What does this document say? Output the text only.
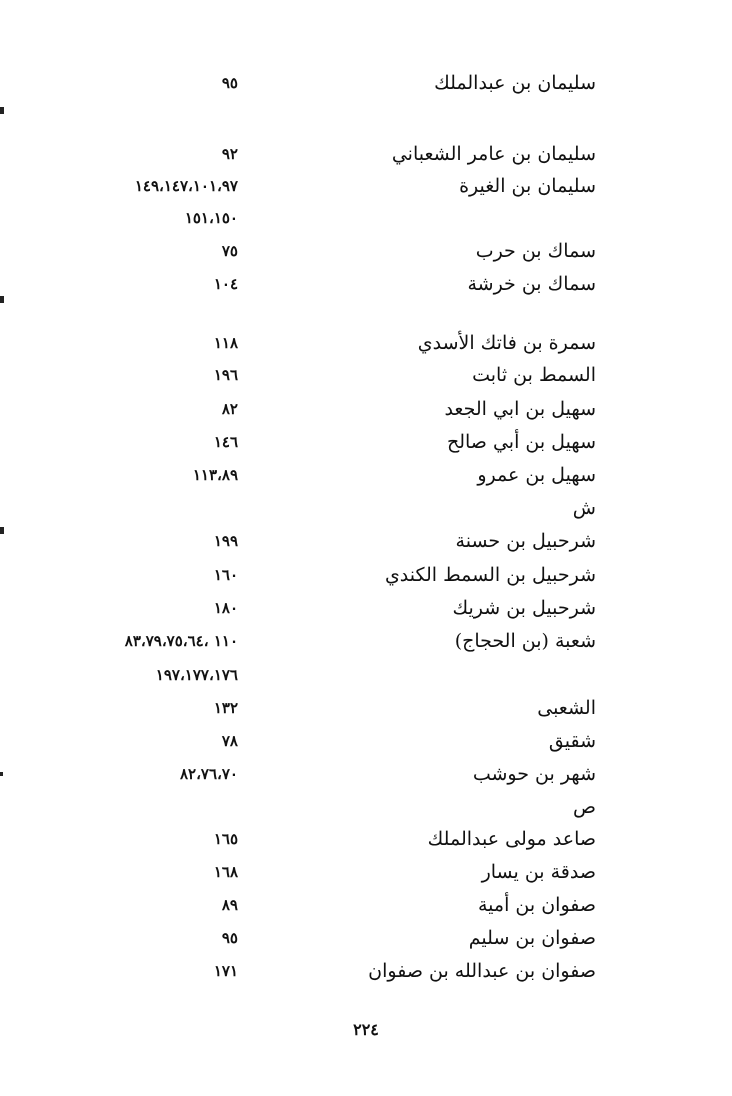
سليمان بن عبدالملك
٩٥
سليمان بن عامر الشعباني
٩٢
سليمان بن الغيرة
١٤٩،١٤٧،١٠١،٩٧
١٥١،١٥٠
سماك بن حرب
٧٥
سماك بن خرشة
١٠٤
سمرة بن فاتك الأسدي
١١٨
السمط بن ثابت
١٩٦
سهيل بن ابي الجعد
٨٢
سهيل بن أبي صالح
١٤٦
سهيل بن عمرو
١١٣،٨٩
ش
شرحبيل بن حسنة
١٩٩
شرحبيل بن السمط الكندي
١٦٠
شرحبيل بن شريك
١٨٠
شعبة (بن الحجاج)
١١٠ ،٨٣،٧٩،٧٥،٦٤
١٩٧،١٧٧،١٧٦
الشعبى
١٣٢
شقيق
٧٨
شهر بن حوشب
٨٢،٧٦،٧٠
ص
صاعد مولى عبدالملك
١٦٥
صدقة بن يسار
١٦٨
صفوان بن أمية
٨٩
صفوان بن سليم
٩٥
صفوان بن عبدالله بن صفوان
١٧١
٢٢٤
